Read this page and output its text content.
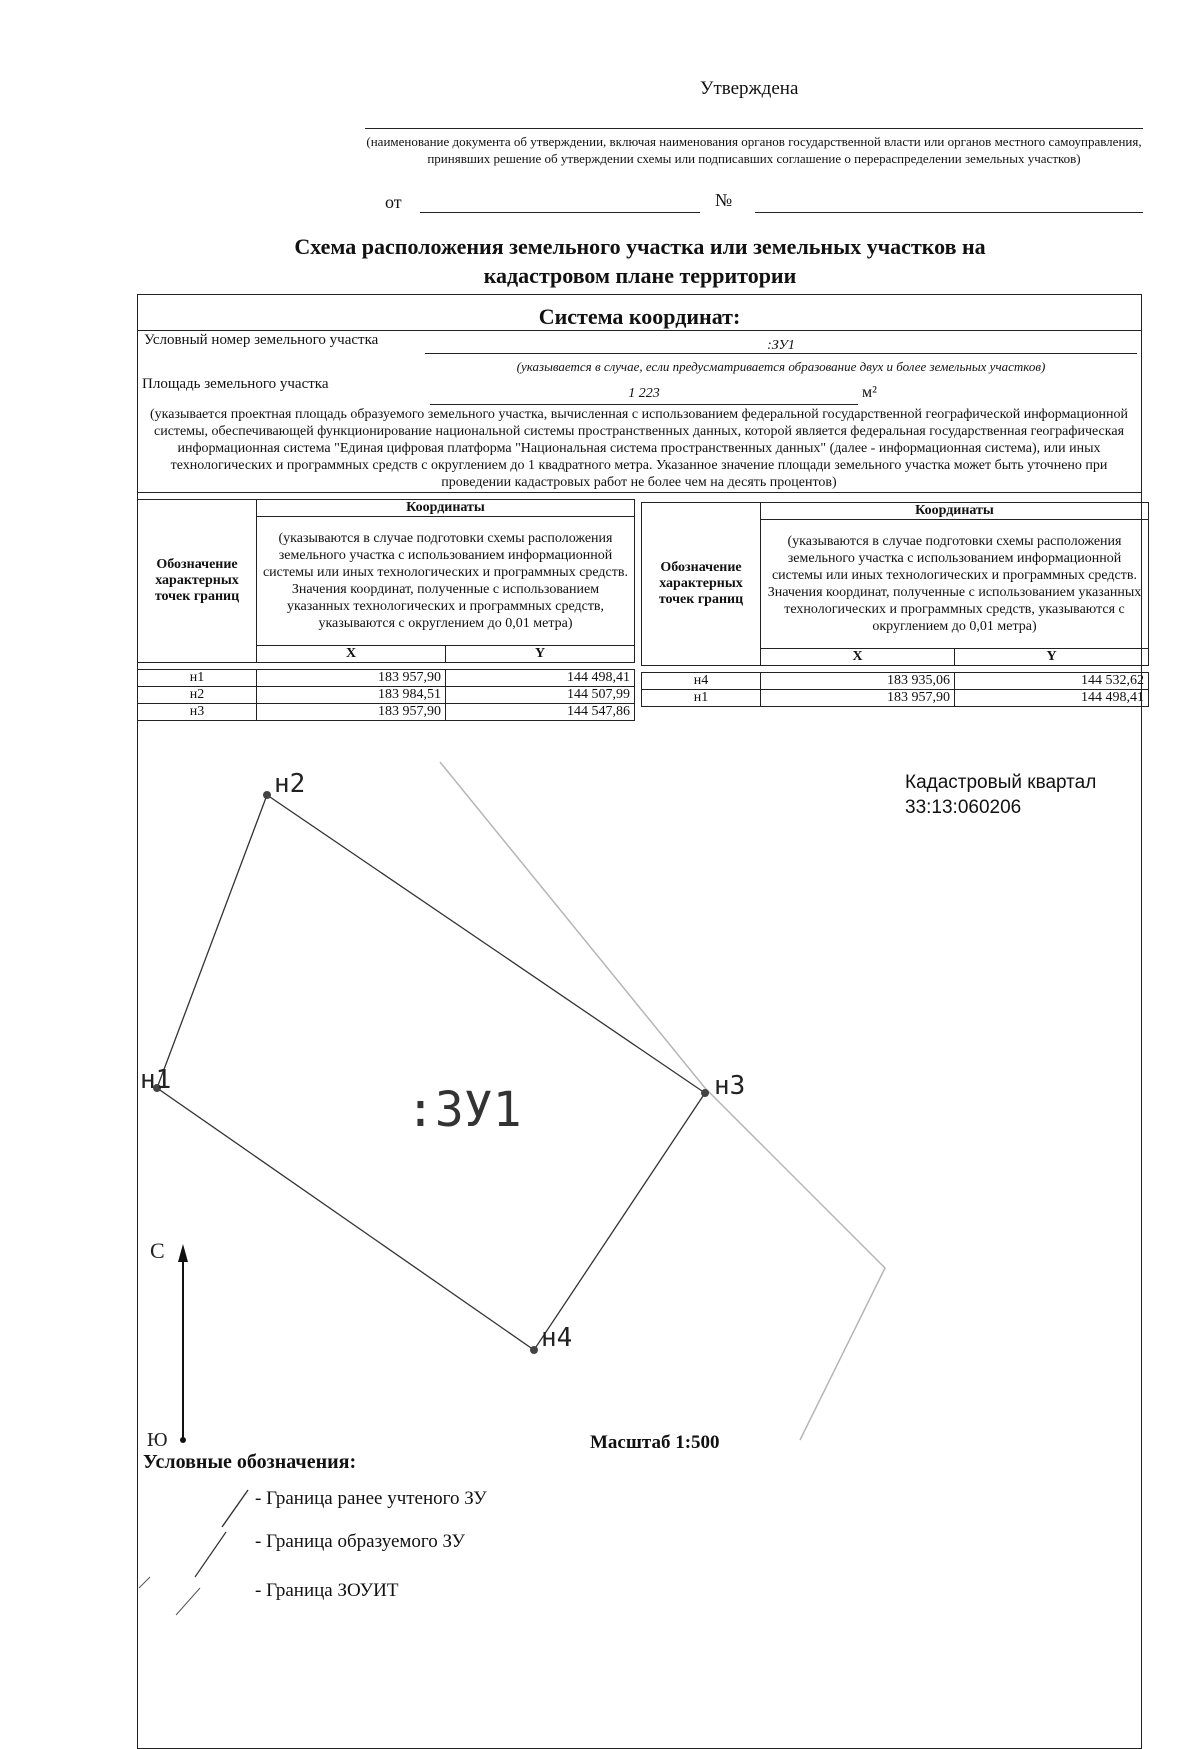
Утверждена
(наименование документа об утверждении, включая наименования органов государственной власти или органов местного самоуправления, принявших решение об утверждении схемы или подписавших соглашение о перераспределении земельных участков)
от	№
Схема расположения земельного участка или земельных участков на кадастровом плане территории
Система координат:
Условный номер земельного участка	:ЗУ1
(указывается в случае, если предусматривается образование двух и более земельных участков)
Площадь земельного участка
1 223	м²
(указывается проектная площадь образуемого земельного участка, вычисленная с использованием федеральной государственной географической информационной системы, обеспечивающей функционирование национальной системы пространственных данных, которой является федеральная государственная географическая информационная система "Единая цифровая платформа "Национальная система пространственных данных" (далее - информационная система), или иных технологических и программных средств с округлением до 1 квадратного метра. Указанное значение площади земельного участка может быть уточнено при проведении кадастровых работ не более чем на десять процентов)
Обозначение характерных точек границ	Координаты	
	(указываются в случае подготовки схемы расположения земельного участка с использованием информационной системы или иных технологических и программных средств. Значения координат, полученные с использованием указанных технологических и программных средств, указываются с округлением до 0,01 метра)	
	X	Y

н1	183 957,90	144 498,41
н2	183 984,51	144 507,99
н3	183 957,90	144 547,86
Обозначение характерных точек границ	Координаты	
	(указываются в случае подготовки схемы расположения земельного участка с использованием информационной системы или иных технологических и программных средств. Значения координат, полученные с использованием указанных технологических и программных средств, указываются с округлением до 0,01 метра)	
	X	Y

н4	183 935,06	144 532,62
н1	183 957,90	144 498,41
н1
н2
н3
н4
:ЗУ1
С
Ю
Кадастровый квартал
33:13:060206
Масштаб 1:500
Условные обозначения:
- Граница ранее учтеного ЗУ
- Граница образуемого ЗУ
- Граница ЗОУИТ
